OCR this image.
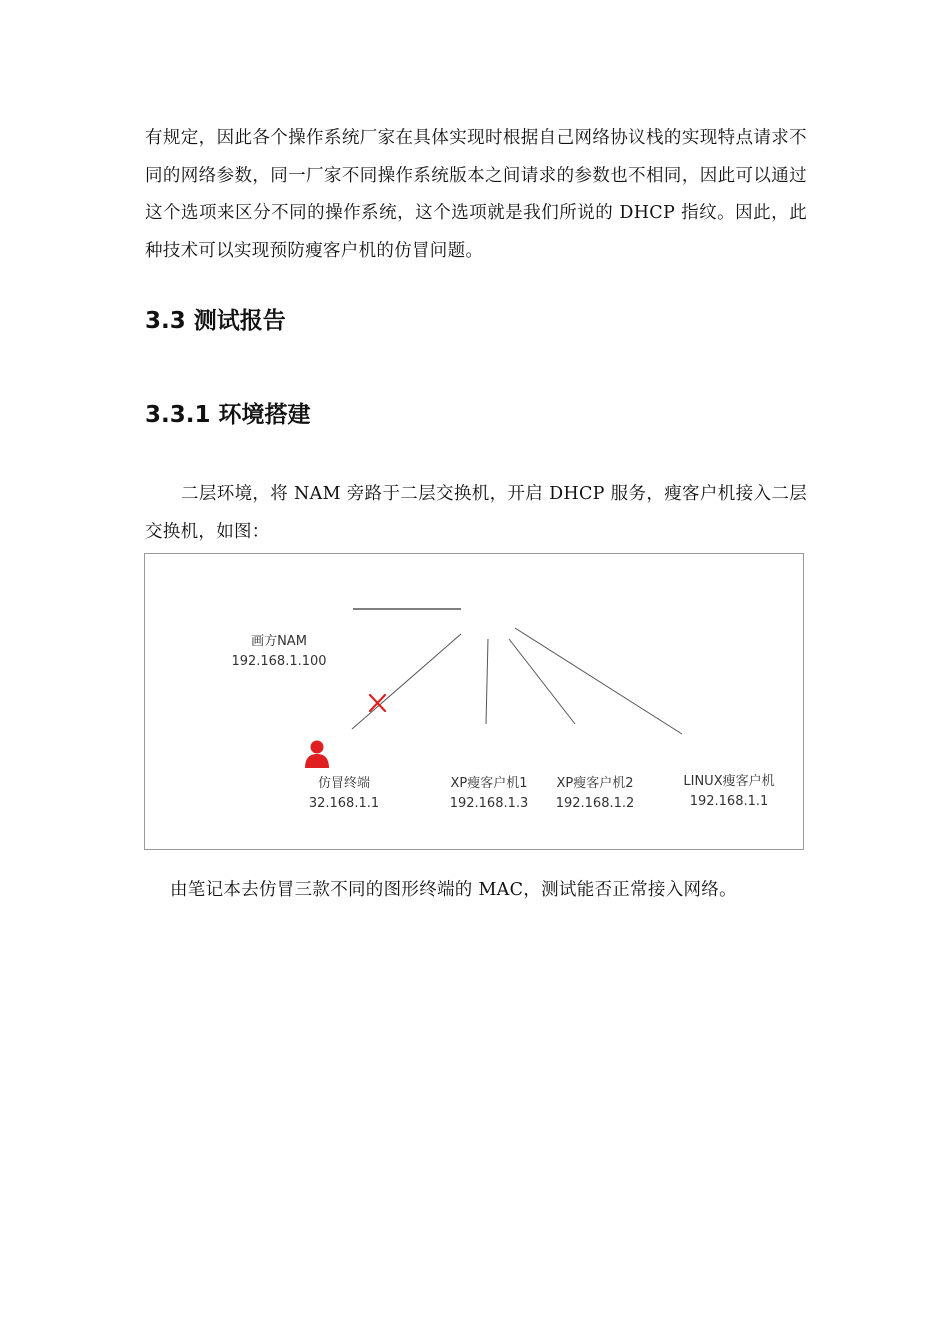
有规定，因此各个操作系统厂家在具体实现时根据自己网络协议栈的实现特点请求不同的网络参数，同一厂家不同操作系统版本之间请求的参数也不相同，因此可以通过这个选项来区分不同的操作系统，这个选项就是我们所说的 DHCP 指纹。因此，此种技术可以实现预防瘦客户机的仿冒问题。

3.3 测试报告
3.3.1 环境搭建

二层环境，将 NAM 旁路于二层交换机，开启 DHCP 服务，瘦客户机接入二层交换机，如图：

画方NAM
192.168.1.100
仿冒终端
32.168.1.1
XP瘦客户机1
192.168.1.3
XP瘦客户机2
192.168.1.2
LINUX瘦客户机
192.168.1.1

由笔记本去仿冒三款不同的图形终端的 MAC，测试能否正常接入网络。
